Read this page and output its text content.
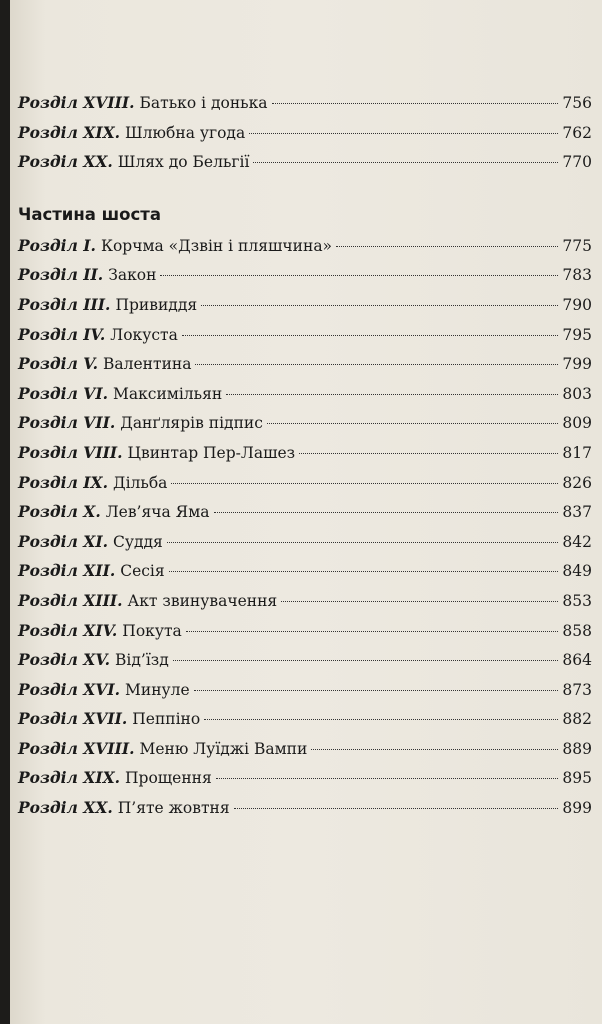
Розділ XVIII. Батько і донька	756
Розділ XIX. Шлюбна угода	762
Розділ XX. Шлях до Бельгії	770
Частина шоста
Розділ I. Корчма «Дзвін і пляшчина»	775
Розділ II. Закон	783
Розділ III. Привиддя	790
Розділ IV. Локуста	795
Розділ V. Валентина	799
Розділ VI. Максимільян	803
Розділ VII. Данґлярів підпис	809
Розділ VIII. Цвинтар Пер-Лашез	817
Розділ IX. Дільба	826
Розділ X. Лев’яча Яма	837
Розділ XI. Суддя	842
Розділ XII. Сесія	849
Розділ XIII. Акт звинувачення	853
Розділ XIV. Покута	858
Розділ XV. Від’їзд	864
Розділ XVI. Минуле	873
Розділ XVII. Пеппіно	882
Розділ XVIII. Меню Луїджі Вампи	889
Розділ XIX. Прощення	895
Розділ XX. П’яте жовтня	899
